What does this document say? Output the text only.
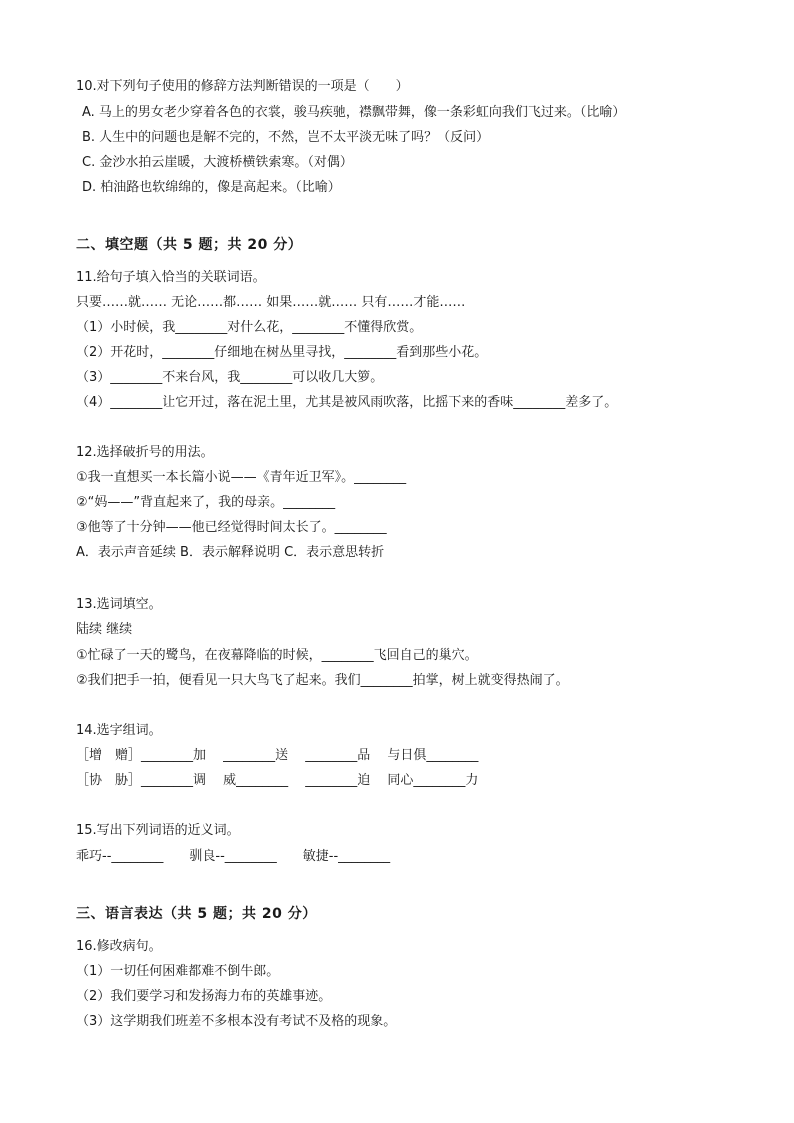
10.对下列句子使用的修辞方法判断错误的一项是（　　）
A. 马上的男女老少穿着各色的衣裳，骏马疾驰，襟飘带舞，像一条彩虹向我们飞过来。（比喻）
B. 人生中的问题也是解不完的，不然，岂不太平淡无味了吗？（反问）
C. 金沙水拍云崖暖，大渡桥横铁索寒。（对偶）
D. 柏油路也软绵绵的，像是高起来。（比喻）
二、填空题（共 5 题；共 20 分）
11.给句子填入恰当的关联词语。
只要……就…… 无论……都…… 如果……就…… 只有……才能……
（1）小时候，我________对什么花，________不懂得欣赏。
（2）开花时，________仔细地在树丛里寻找，________看到那些小花。
（3）________不来台风，我________可以收几大箩。
（4）________让它开过，落在泥土里，尤其是被风雨吹落，比摇下来的香味________差多了。
12.选择破折号的用法。
①我一直想买一本长篇小说——《青年近卫军》。________
②“妈——”背直起来了，我的母亲。________
③他等了十分钟——他已经觉得时间太长了。________
A．表示声音延续 B．表示解释说明 C．表示意思转折
13.选词填空。
陆续 继续
①忙碌了一天的鹭鸟，在夜幕降临的时候，________飞回自己的巢穴。
②我们把手一拍，便看见一只大鸟飞了起来。我们________拍掌，树上就变得热闹了。
14.选字组词。
［增　赠］________加　 ________送　 ________品　 与日俱________
［协　胁］________调　 威________　 ________迫　 同心________力
15.写出下列词语的近义词。
乖巧--________　　驯良--________　　敏捷--________
三、语言表达（共 5 题；共 20 分）
16.修改病句。
（1）一切任何困难都难不倒牛郎。
（2）我们要学习和发扬海力布的英雄事迹。
（3）这学期我们班差不多根本没有考试不及格的现象。
